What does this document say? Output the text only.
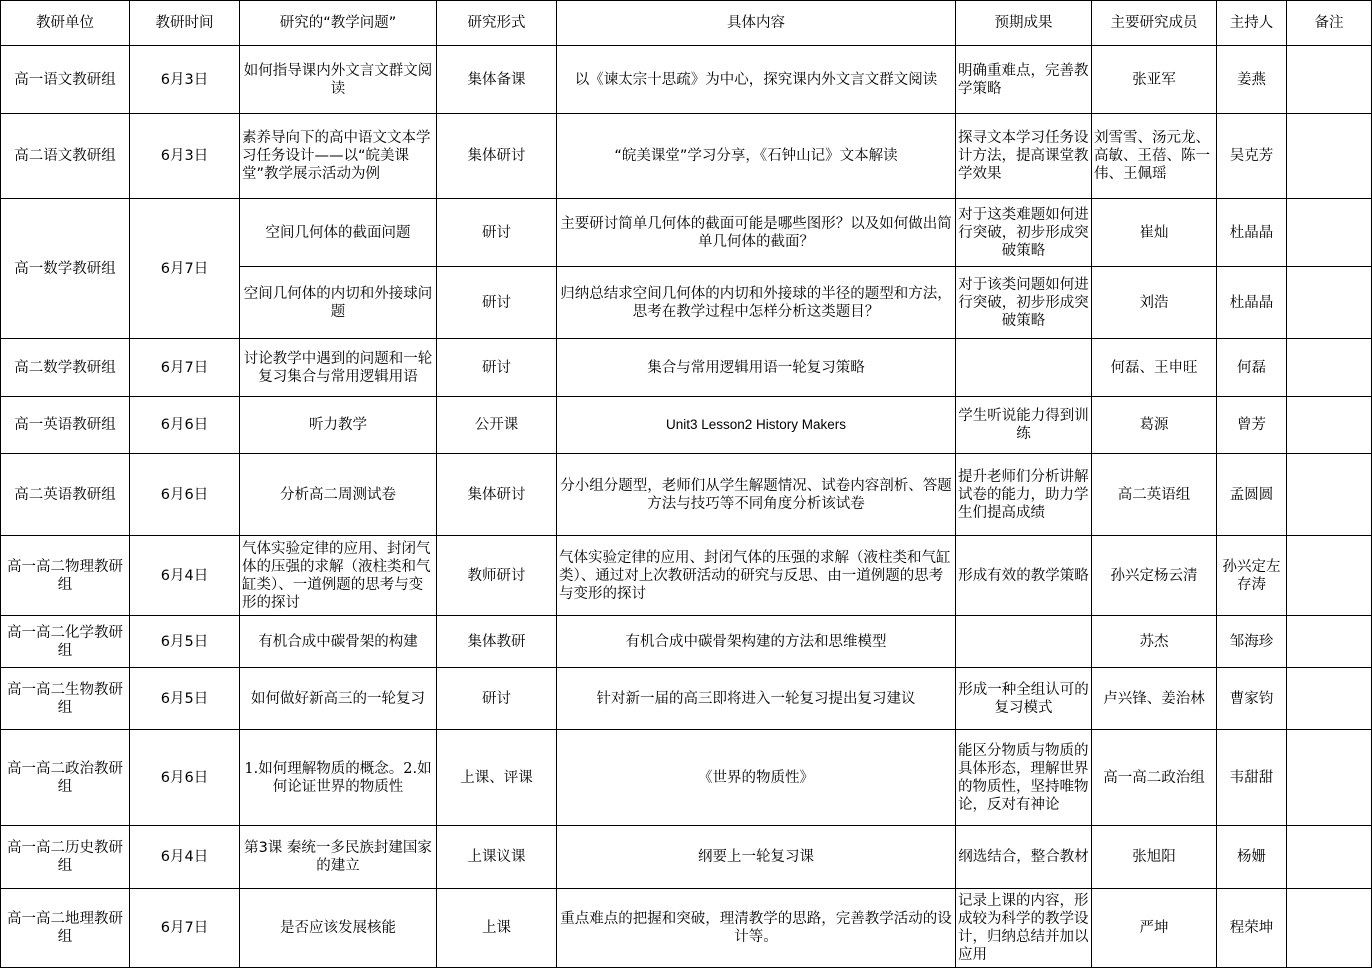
教研单位	教研时间	研究的“教学问题”	研究形式	具体内容	预期成果	主要研究成员	主持人	备注
高一语文教研组	6月3日	如何指导课内外文言文群文阅读	集体备课	以《谏太宗十思疏》为中心，探究课内外文言文群文阅读	明确重难点，完善教学策略	张亚军	姜燕	
高二语文教研组	6月3日	素养导向下的高中语文文本学习任务设计——以“皖美课堂”教学展示活动为例	集体研讨	“皖美课堂”学习分享，《石钟山记》文本解读	探寻文本学习任务设计方法，提高课堂教学效果	刘雪雪、汤元龙、高敏、王蓓、陈一伟、王佩瑶	吴克芳	
高一数学教研组	6月7日	空间几何体的截面问题	研讨	主要研讨简单几何体的截面可能是哪些图形？以及如何做出简单几何体的截面？	对于这类难题如何进行突破，初步形成突破策略	崔灿	杜晶晶	
		空间几何体的内切和外接球问题	研讨	归纳总结求空间几何体的内切和外接球的半径的题型和方法，思考在教学过程中怎样分析这类题目？	对于该类问题如何进行突破，初步形成突破策略	刘浩	杜晶晶	
高二数学教研组	6月7日	讨论教学中遇到的问题和一轮复习集合与常用逻辑用语	研讨	集合与常用逻辑用语一轮复习策略		何磊、王申旺	何磊	
高一英语教研组	6月6日	听力教学	公开课	Unit3 Lesson2 History Makers	学生听说能力得到训练	葛源	曾芳	
高二英语教研组	6月6日	分析高二周测试卷	集体研讨	分小组分题型，老师们从学生解题情况、试卷内容剖析、答题方法与技巧等不同角度分析该试卷	提升老师们分析讲解试卷的能力，助力学生们提高成绩	高二英语组	孟圆圆	
高一高二物理教研组	6月4日	气体实验定律的应用、封闭气体的压强的求解（液柱类和气缸类）、一道例题的思考与变形的探讨	教师研讨	气体实验定律的应用、封闭气体的压强的求解（液柱类和气缸类）、通过对上次教研活动的研究与反思、由一道例题的思考与变形的探讨	形成有效的教学策略	孙兴定杨云清	孙兴定左存涛	
高一高二化学教研组	6月5日	有机合成中碳骨架的构建	集体教研	有机合成中碳骨架构建的方法和思维模型		苏杰	邹海珍	
高一高二生物教研组	6月5日	如何做好新高三的一轮复习	研讨	针对新一届的高三即将进入一轮复习提出复习建议	形成一种全组认可的复习模式	卢兴锋、姜治林	曹家钧	
高一高二政治教研组	6月6日	1.如何理解物质的概念。2.如何论证世界的物质性	上课、评课	《世界的物质性》	能区分物质与物质的具体形态，理解世界的物质性，坚持唯物论，反对有神论	高一高二政治组	韦甜甜	
高一高二历史教研组	6月4日	第3课 秦统一多民族封建国家的建立	上课议课	纲要上一轮复习课	纲选结合，整合教材	张旭阳	杨姗	
高一高二地理教研组	6月7日	是否应该发展核能	上课	重点难点的把握和突破，理清教学的思路，完善教学活动的设计等。	记录上课的内容，形成较为科学的教学设计，归纳总结并加以应用	严坤	程荣坤	
